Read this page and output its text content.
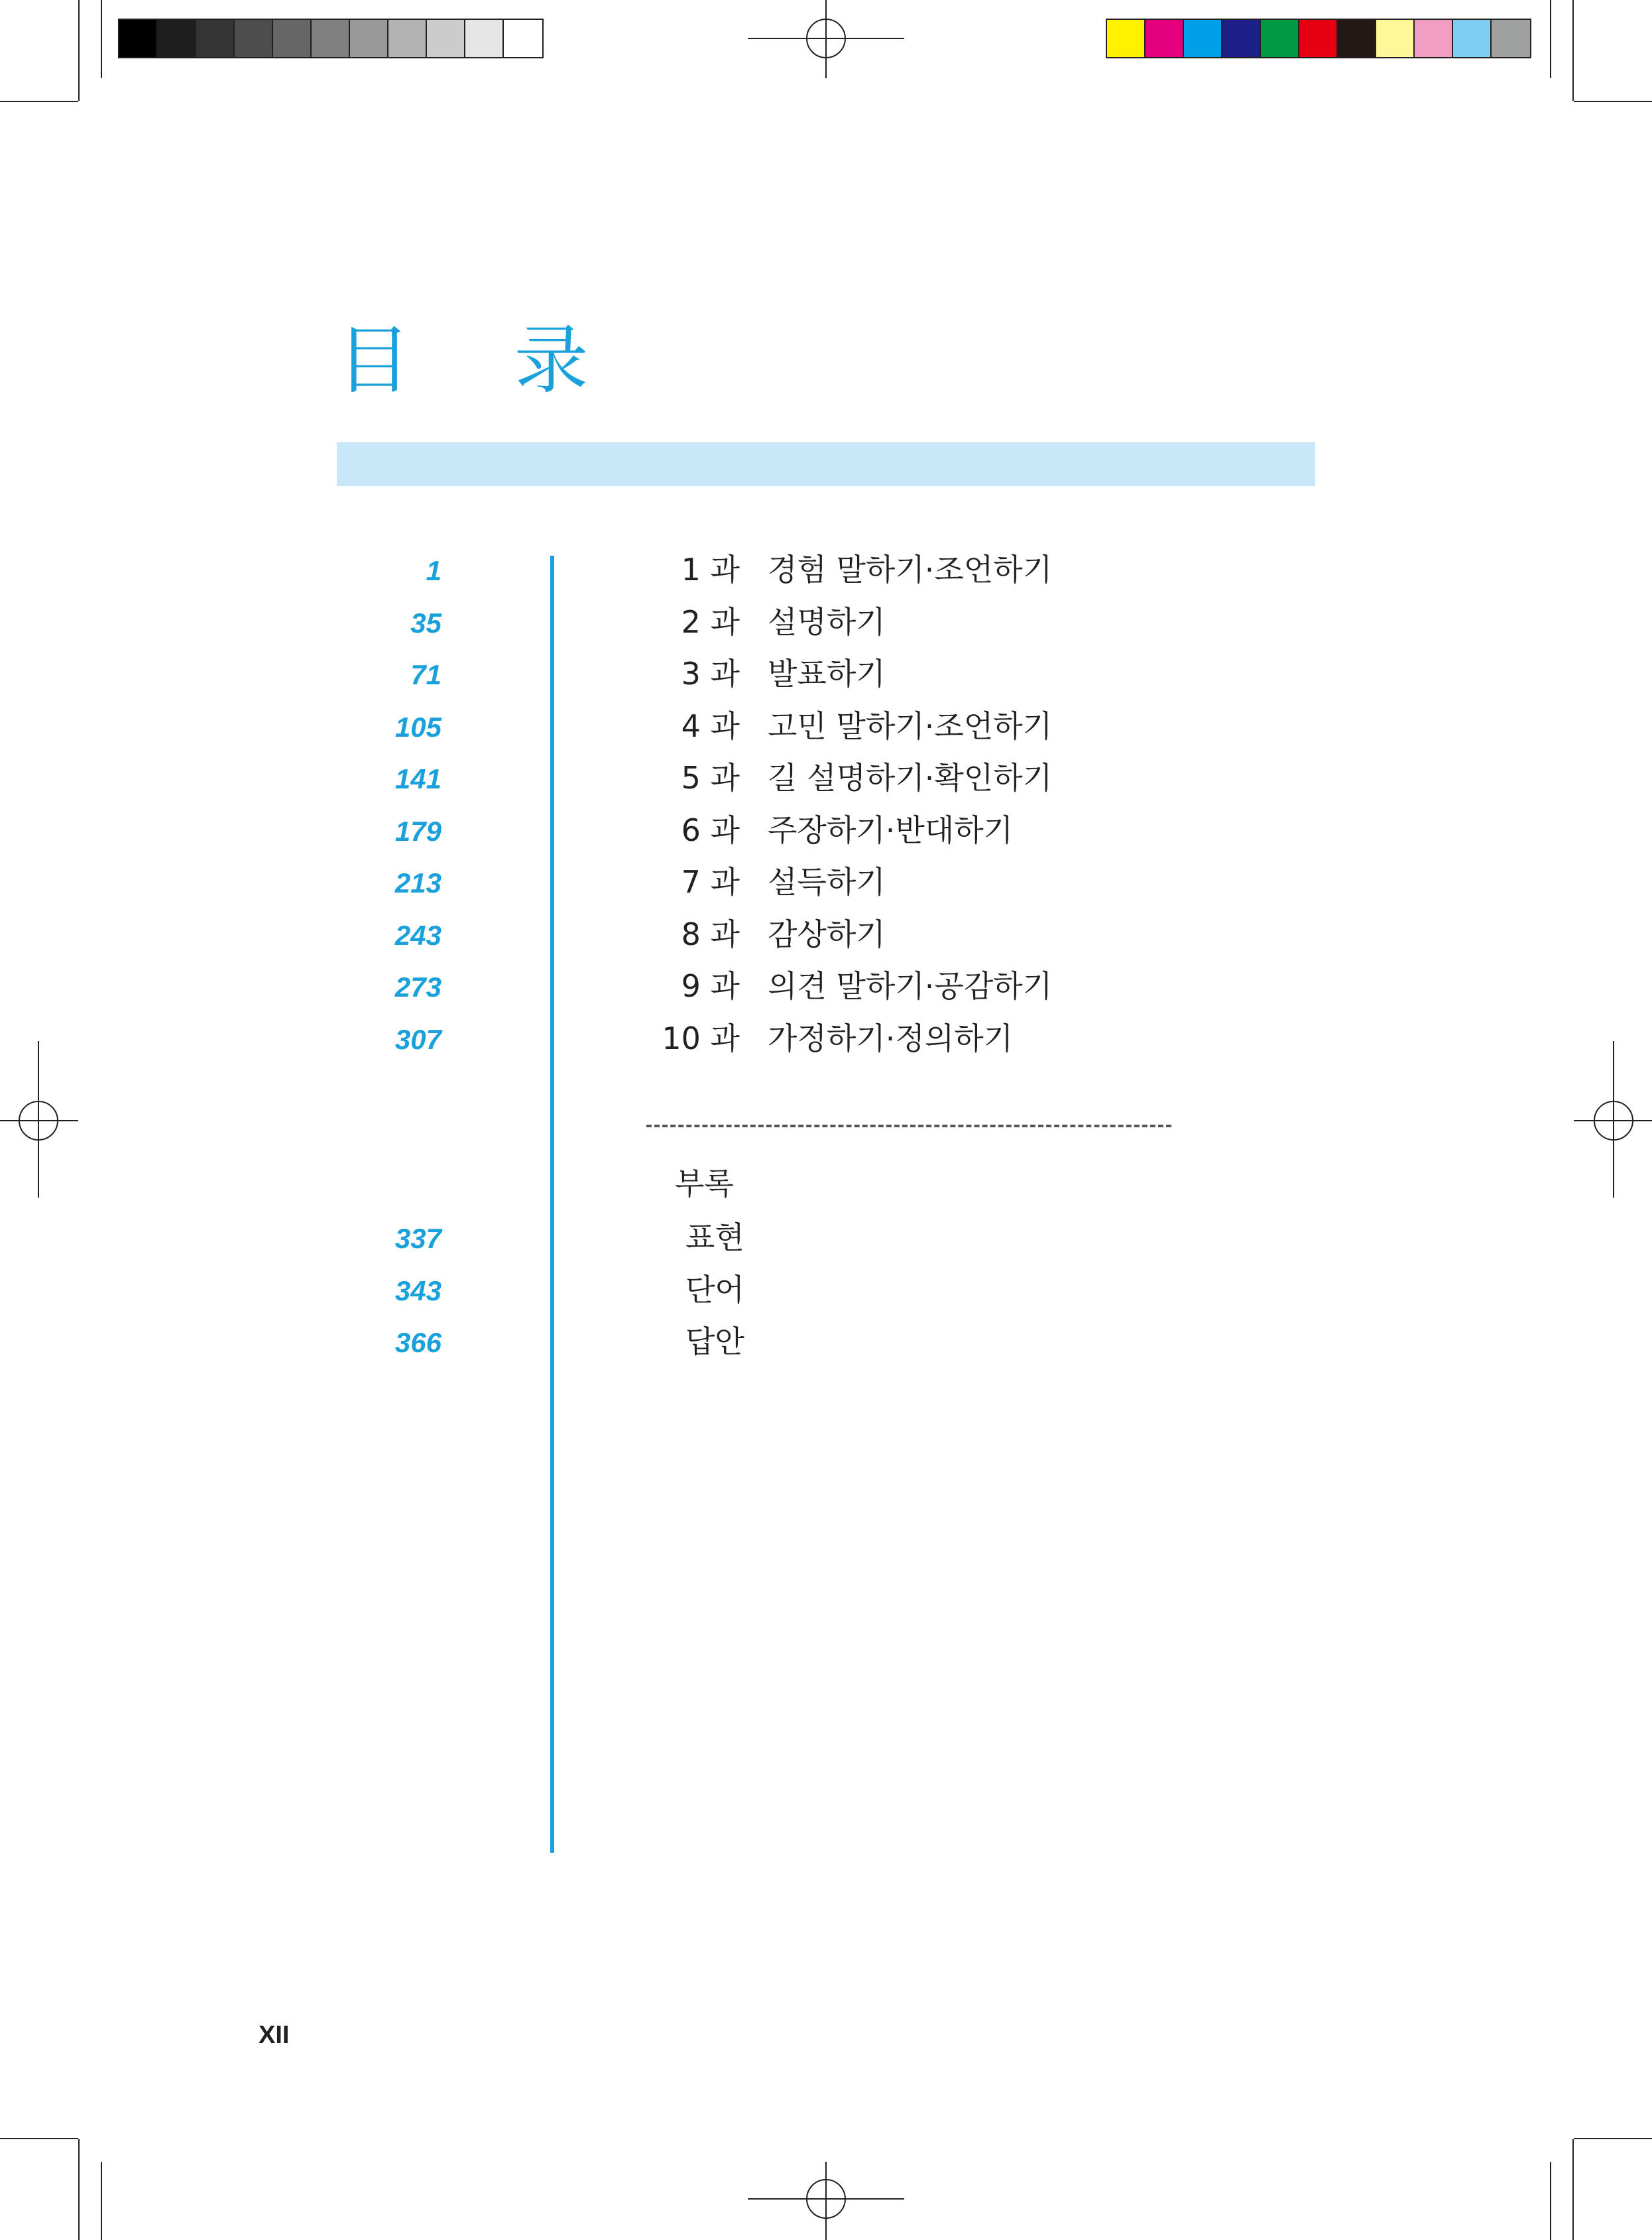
目 录
1	1 과 경험 말하기·조언하기
35	2 과 설명하기
71	3 과 발표하기
105	4 과 고민 말하기·조언하기
141	5 과 길 설명하기·확인하기
179	6 과 주장하기·반대하기
213	7 과 설득하기
243	8 과 감상하기
273	9 과 의견 말하기·공감하기
307	10 과 가정하기·정의하기
부록
337	표현
343	단어
366	답안
XII
